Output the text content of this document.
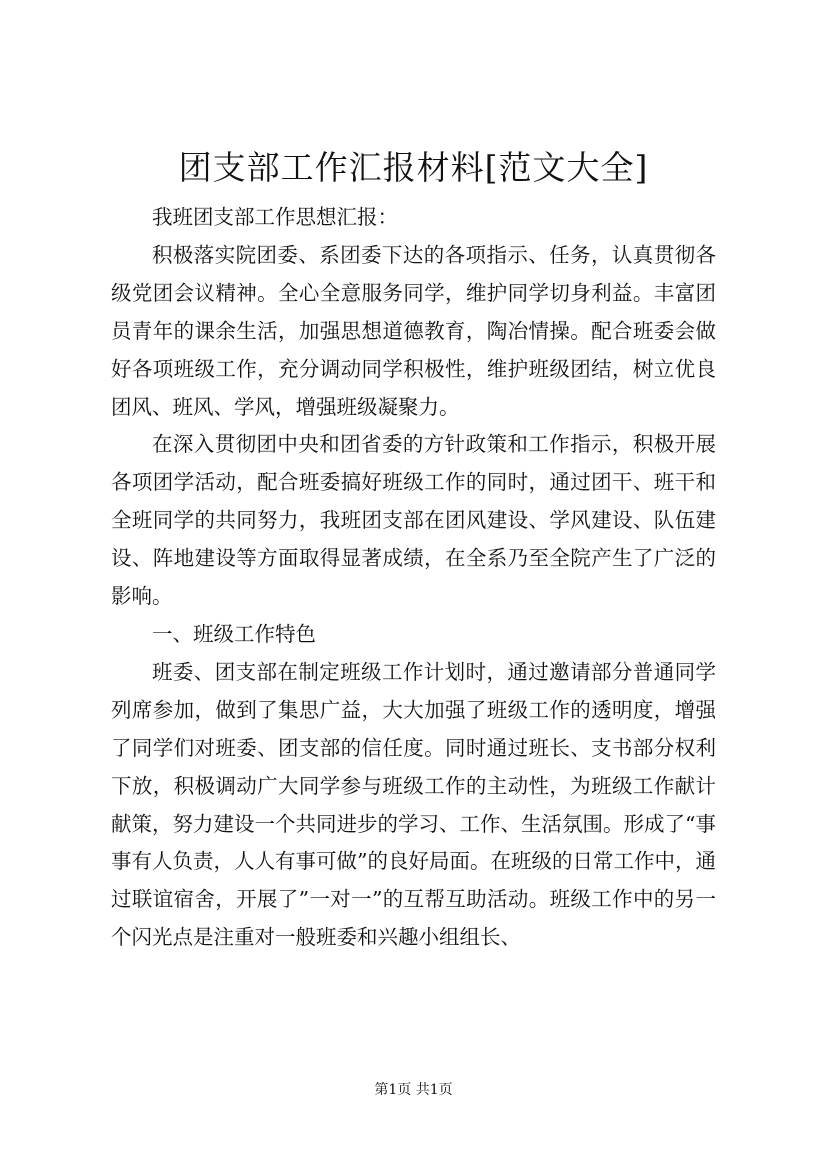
团支部工作汇报材料[范文大全]

我班团支部工作思想汇报：

积极落实院团委、系团委下达的各项指示、任务，认真贯彻各级党团会议精神。全心全意服务同学，维护同学切身利益。丰富团员青年的课余生活，加强思想道德教育，陶冶情操。配合班委会做好各项班级工作，充分调动同学积极性，维护班级团结，树立优良团风、班风、学风，增强班级凝聚力。

在深入贯彻团中央和团省委的方针政策和工作指示，积极开展各项团学活动，配合班委搞好班级工作的同时，通过团干、班干和全班同学的共同努力，我班团支部在团风建设、学风建设、队伍建设、阵地建设等方面取得显著成绩，在全系乃至全院产生了广泛的影响。

一、班级工作特色

班委、团支部在制定班级工作计划时，通过邀请部分普通同学列席参加，做到了集思广益，大大加强了班级工作的透明度，增强了同学们对班委、团支部的信任度。同时通过班长、支书部分权利下放，积极调动广大同学参与班级工作的主动性，为班级工作献计献策，努力建设一个共同进步的学习、工作、生活氛围。形成了“事事有人负责，人人有事可做”的良好局面。在班级的日常工作中，通过联谊宿舍，开展了”一对一”的互帮互助活动。班级工作中的另一个闪光点是注重对一般班委和兴趣小组组长、

第1页 共1页
